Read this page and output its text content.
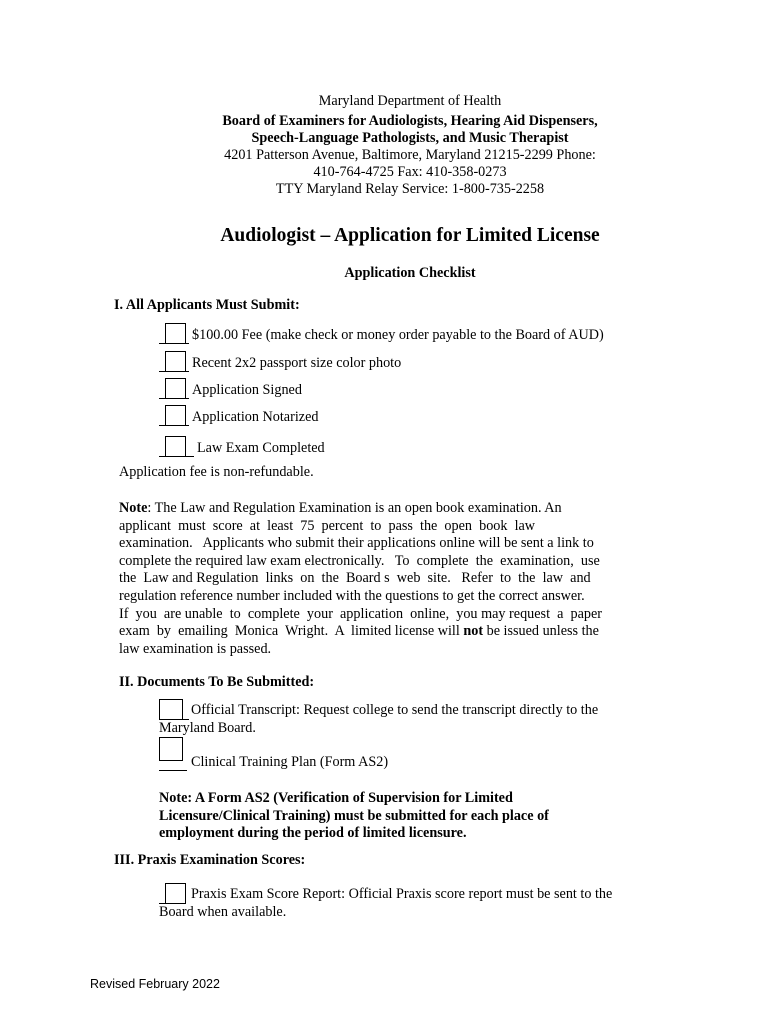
Maryland Department of Health
Board of Examiners for Audiologists, Hearing Aid Dispensers,
Speech-Language Pathologists, and Music Therapist
4201 Patterson Avenue, Baltimore, Maryland 21215-2299 Phone:
410-764-4725 Fax: 410-358-0273
TTY Maryland Relay Service: 1-800-735-2258
Audiologist – Application for Limited License
Application Checklist
I. All Applicants Must Submit:
$100.00 Fee (make check or money order payable to the Board of AUD)
Recent 2x2 passport size color photo
Application Signed
Application Notarized
Law Exam Completed
Application fee is non-refundable.
Note: The Law and Regulation Examination is an open book examination. An
applicant  must  score  at  least  75  percent  to  pass  the  open  book  law
examination.   Applicants who submit their applications online will be sent a link to
complete the required law exam electronically.   To  complete  the  examination,  use
the  Law and Regulation  links  on  the  Board s  web  site.   Refer  to  the  law  and
regulation reference number included with the questions to get the correct answer.
If  you  are unable  to  complete  your  application  online,  you may request  a  paper
exam  by  emailing  Monica  Wright.  A  limited license will not be issued unless the
law examination is passed.
II. Documents To Be Submitted:
Official Transcript: Request college to send the transcript directly to the
Maryland Board.
Clinical Training Plan (Form AS2)
Note: A Form AS2 (Verification of Supervision for Limited
Licensure/Clinical Training) must be submitted for each place of
employment during the period of limited licensure.
III. Praxis Examination Scores:
Praxis Exam Score Report: Official Praxis score report must be sent to the
Board when available.
Revised February 2022
